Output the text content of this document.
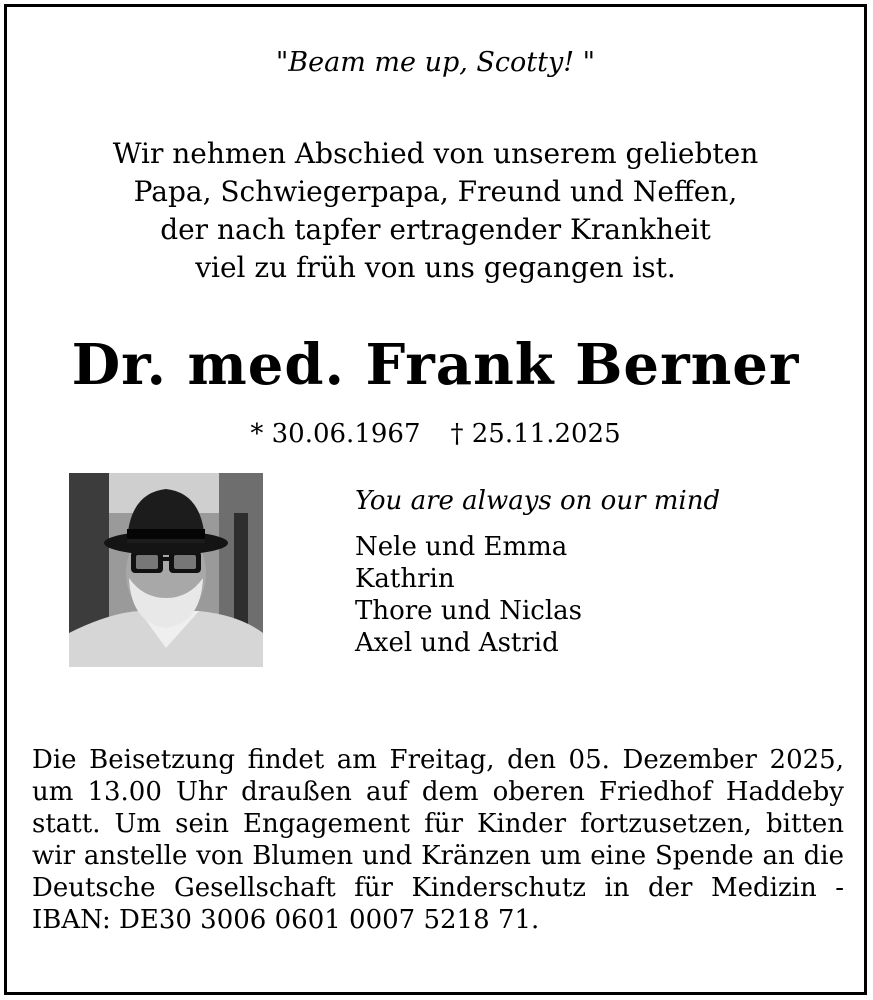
"Beam me up, Scotty! "
Wir nehmen Abschied von unserem geliebten
Papa, Schwiegerpapa, Freund und Neffen,
der nach tapfer ertragender Krankheit
viel zu früh von uns gegangen ist.
Dr. med. Frank Berner
* 30.06.1967 † 25.11.2025
You are always on our mind
Nele und Emma
Kathrin
Thore und Niclas
Axel und Astrid
Die Beisetzung findet am Freitag, den 05. Dezember 2025, um 13.00 Uhr draußen auf dem oberen Friedhof Haddeby statt. Um sein Engagement für Kinder fortzusetzen, bitten wir anstelle von Blumen und Kränzen um eine Spende an die Deutsche Gesellschaft für Kinderschutz in der Medizin - IBAN: DE30 3006 0601 0007 5218 71.
